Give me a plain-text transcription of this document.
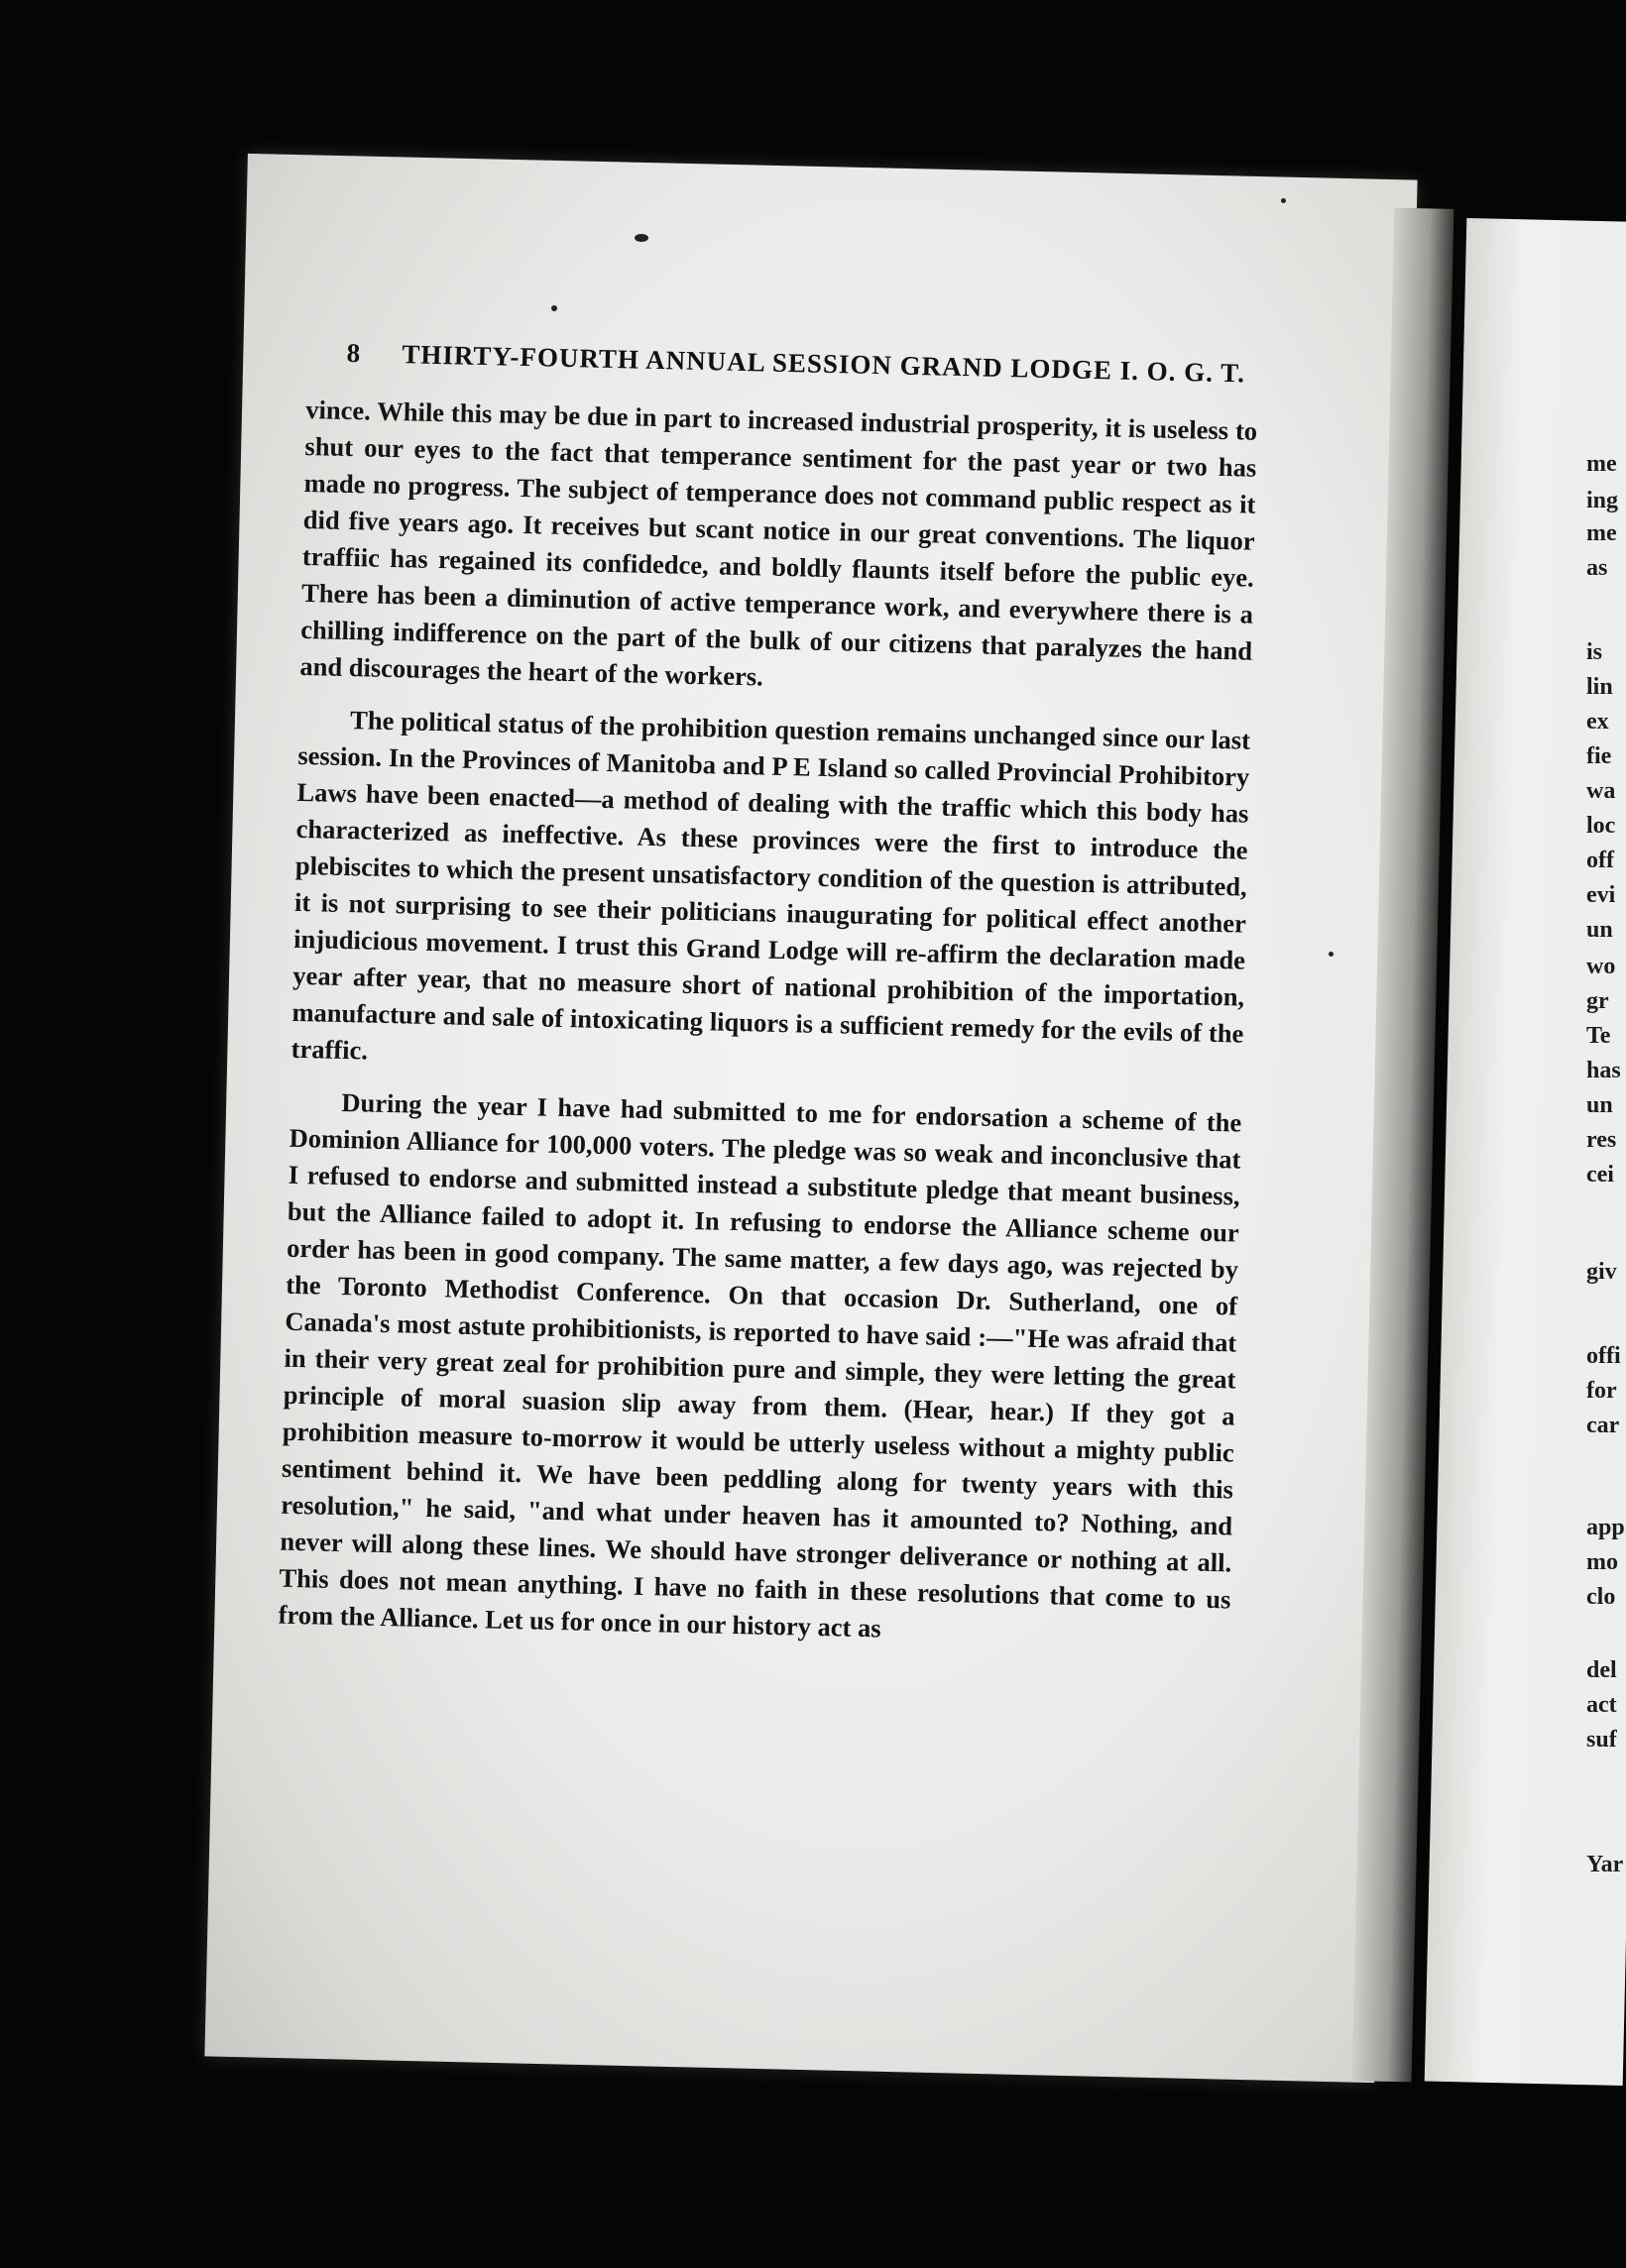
me
ing
me
as
is
lin
ex
fie
wa
loc
off
evi
un
wo
gr
Te
has
un
res
cei
giv
offi
for
car
app
mo
clo
del
act
suf
Yar
8 THIRTY-FOURTH ANNUAL SESSION GRAND LODGE I. O. G. T.

vince. While this may be due in part to increased industrial prosperity, it is useless to shut our eyes to the fact that temperance sentiment for the past year or two has made no progress. The subject of temperance does not command public respect as it did five years ago. It receives but scant notice in our great conventions. The liquor traffiic has regained its confidedce, and boldly flaunts itself before the public eye. There has been a diminution of active temperance work, and everywhere there is a chilling indifference on the part of the bulk of our citizens that paralyzes the hand and discourages the heart of the workers.

The political status of the prohibition question remains unchanged since our last session. In the Provinces of Manitoba and P E Island so called Provincial Prohibitory Laws have been enacted—a method of dealing with the traffic which this body has characterized as ineffective. As these provinces were the first to introduce the plebiscites to which the present unsatisfactory condition of the question is attributed, it is not surprising to see their politicians inaugurating for political effect another injudicious movement. I trust this Grand Lodge will re-affirm the declaration made year after year, that no measure short of national prohibition of the importation, manufacture and sale of intoxicating liquors is a sufficient remedy for the evils of the traffic.

During the year I have had submitted to me for endorsation a scheme of the Dominion Alliance for 100,000 voters. The pledge was so weak and inconclusive that I refused to endorse and submitted instead a substitute pledge that meant business, but the Alliance failed to adopt it. In refusing to endorse the Alliance scheme our order has been in good company. The same matter, a few days ago, was rejected by the Toronto Methodist Conference. On that occasion Dr. Sutherland, one of Canada's most astute prohibitionists, is reported to have said :—"He was afraid that in their very great zeal for prohibition pure and simple, they were letting the great principle of moral suasion slip away from them. (Hear, hear.) If they got a prohibition measure to-morrow it would be utterly useless without a mighty public sentiment behind it. We have been peddling along for twenty years with this resolution," he said, "and what under heaven has it amounted to? Nothing, and never will along these lines. We should have stronger deliverance or nothing at all. This does not mean anything. I have no faith in these resolutions that come to us from the Alliance. Let us for once in our history act as
